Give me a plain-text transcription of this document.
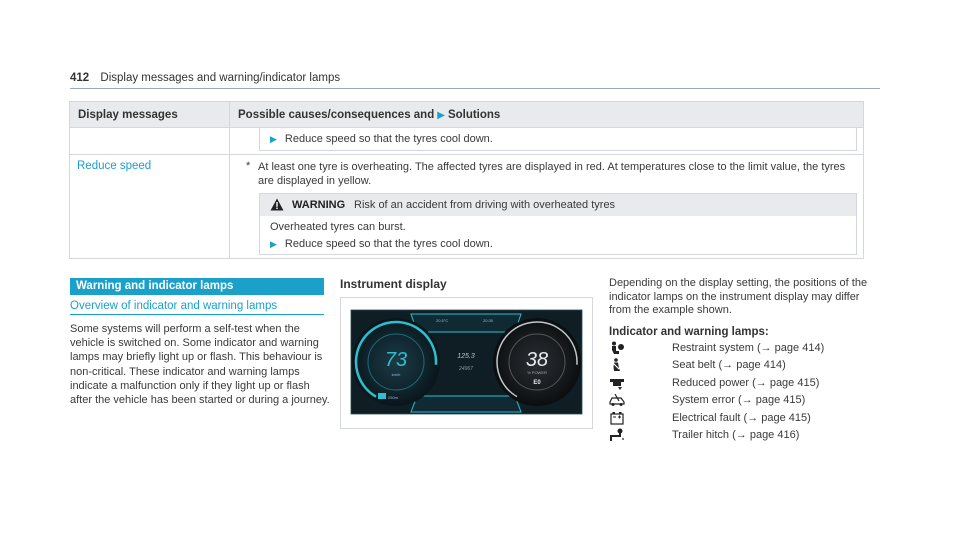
412 Display messages and warning/indicator lamps
Display messages	Possible causes/consequences and ▶ Solutions
▶ Reduce speed so that the tyres cool down.
Reduce speed	* At least one tyre is overheating. The affected tyres are displayed in red. At temperatures close to the limit value, the tyres are displayed in yellow.
WARNING Risk of an accident from driving with overheated tyres
Overheated tyres can burst.
▶ Reduce speed so that the tyres cool down.
Warning and indicator lamps
Overview of indicator and warning lamps
Some systems will perform a self-test when the vehicle is switched on. Some indicator and warning lamps may briefly light up or flash. This behaviour is non-critical. These indicator and warning lamps indicate a malfunction only if they light up or flash after the vehicle has been started or during a journey.
Instrument display
73
km/h
38
% POWER
E0
125.3
24967
20.5°C	20:30
250m
Depending on the display setting, the positions of the indicator lamps on the instrument display may differ from the example shown.
Indicator and warning lamps:
Restraint system (→ page 414)
Seat belt (→ page 414)
Reduced power (→ page 415)
System error (→ page 415)
Electrical fault (→ page 415)
Trailer hitch (→ page 416)
